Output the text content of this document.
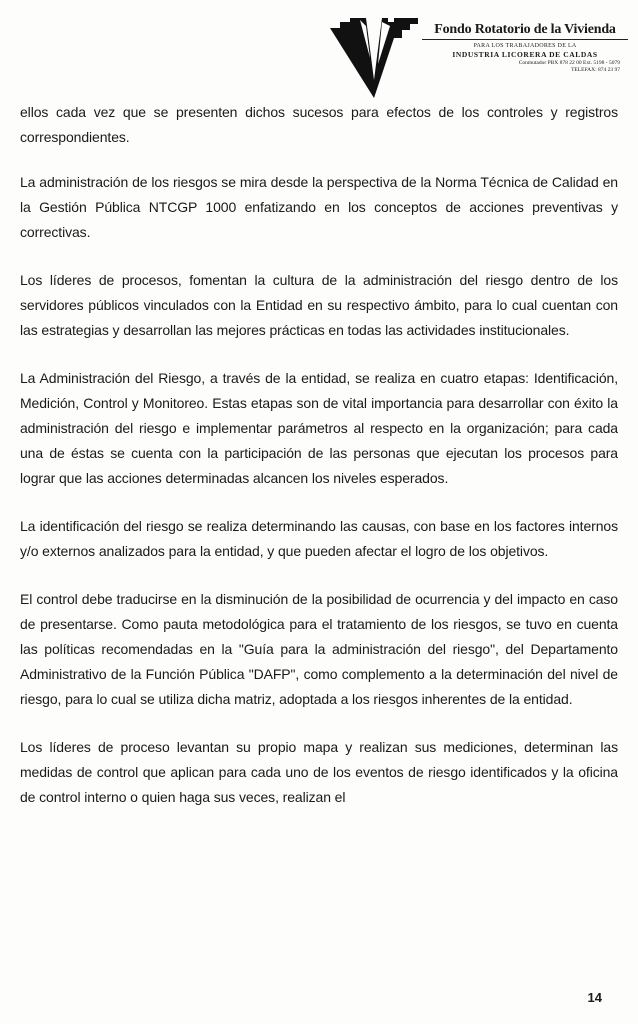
Fondo Rotatorio de la Vivienda
PARA LOS TRABAJADORES DE LA
INDUSTRIA LICORERA DE CALDAS
Conmutador PBX 878 22 00 Ext. 5198 - 5079
TELEFAX: 874 23 97

ellos cada vez que se presenten dichos sucesos para efectos de los controles y registros correspondientes.

La administración de los riesgos se mira desde la perspectiva de la Norma Técnica de Calidad en la Gestión Pública NTCGP 1000 enfatizando en los conceptos de acciones preventivas y correctivas.

Los líderes de procesos, fomentan la cultura de la administración del riesgo dentro de los servidores públicos vinculados con la Entidad en su respectivo ámbito, para lo cual cuentan con las estrategias y desarrollan las mejores prácticas en todas las actividades institucionales.

La Administración del Riesgo, a través de la entidad, se realiza en cuatro etapas: Identificación, Medición, Control y Monitoreo. Estas etapas son de vital importancia para desarrollar con éxito la administración del riesgo e implementar parámetros al respecto en la organización; para cada una de éstas se cuenta con la participación de las personas que ejecutan los procesos para lograr que las acciones determinadas alcancen los niveles esperados.

La identificación del riesgo se realiza determinando las causas, con base en los factores internos y/o externos analizados para la entidad, y que pueden afectar el logro de los objetivos.

El control debe traducirse en la disminución de la posibilidad de ocurrencia y del impacto en caso de presentarse. Como pauta metodológica para el tratamiento de los riesgos, se tuvo en cuenta las políticas recomendadas en la "Guía para la administración del riesgo", del Departamento Administrativo de la Función Pública "DAFP", como complemento a la determinación del nivel de riesgo, para lo cual se utiliza dicha matriz, adoptada a los riesgos inherentes de la entidad.

Los líderes de proceso levantan su propio mapa y realizan sus mediciones, determinan las medidas de control que aplican para cada uno de los eventos de riesgo identificados y la oficina de control interno o quien haga sus veces, realizan el

14
